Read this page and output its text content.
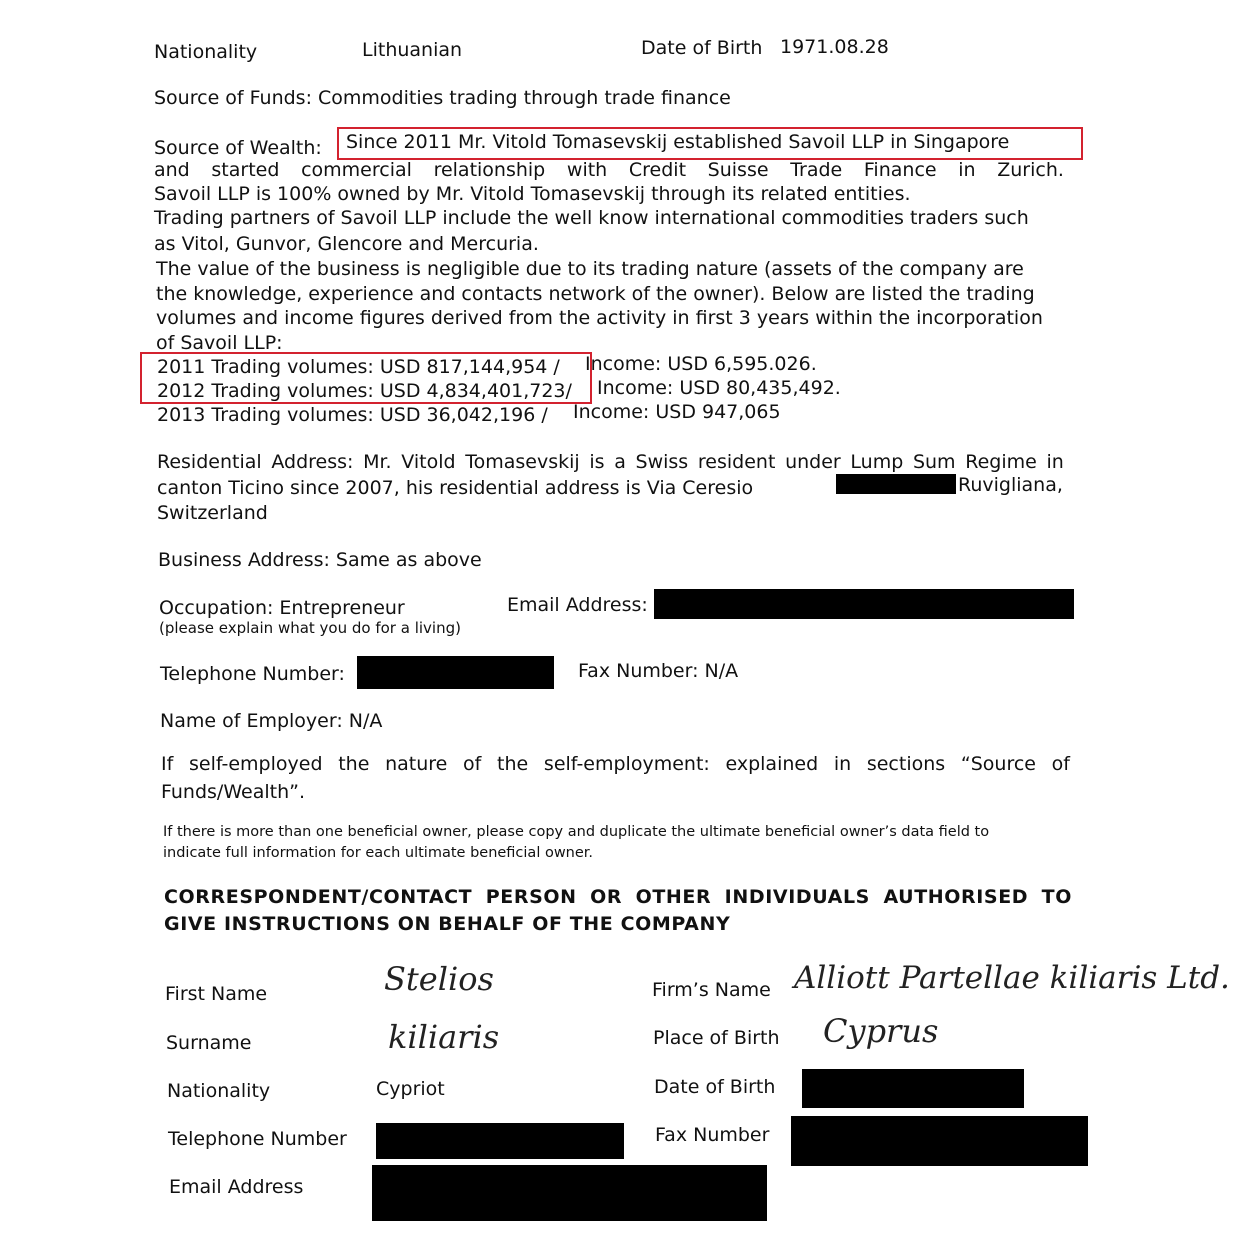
Nationality	Lithuanian	Date of Birth 1971.08.28
Source of Funds: Commodities trading through trade finance
Source of Wealth: Since 2011 Mr. Vitold Tomasevskij established Savoil LLP in Singapore
and started commercial relationship with Credit Suisse Trade Finance in Zurich.
Savoil LLP is 100% owned by Mr. Vitold Tomasevskij through its related entities.
Trading partners of Savoil LLP include the well know international commodities traders such
as Vitol, Gunvor, Glencore and Mercuria.
The value of the business is negligible due to its trading nature (assets of the company are
the knowledge, experience and contacts network of the owner). Below are listed the trading
volumes and income figures derived from the activity in first 3 years within the incorporation
of Savoil LLP:
2011 Trading volumes: USD 817,144,954 / Income: USD 6,595.026.
2012 Trading volumes: USD 4,834,401,723/ Income: USD 80,435,492.
2013 Trading volumes: USD 36,042,196 / Income: USD 947,065
Residential Address: Mr. Vitold Tomasevskij is a Swiss resident under Lump Sum Regime in
canton Ticino since 2007, his residential address is Via Ceresio	Ruvigliana,
Switzerland
Business Address: Same as above
Occupation: Entrepreneur
(please explain what you do for a living)
Email Address:
Telephone Number:	Fax Number: N/A
Name of Employer: N/A
If self-employed the nature of the self-employment: explained in sections “Source of
Funds/Wealth”.
If there is more than one beneficial owner, please copy and duplicate the ultimate beneficial owner’s data field to
indicate full information for each ultimate beneficial owner.
CORRESPONDENT/CONTACT PERSON OR OTHER INDIVIDUALS AUTHORISED TO
GIVE INSTRUCTIONS ON BEHALF OF THE COMPANY
First Name	Stelios
Surname	kiliaris
Nationality	Cypriot
Telephone Number
Email Address
Firm’s Name Alliott Partellae kiliaris Ltd.
Place of Birth Cyprus
Date of Birth
Fax Number
